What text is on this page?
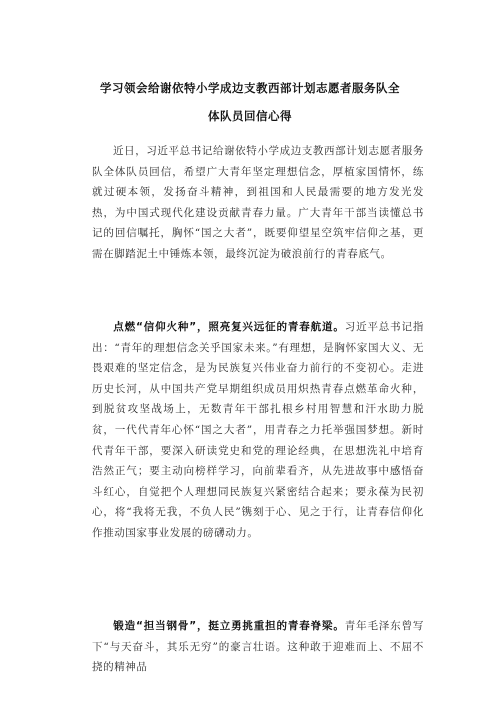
学习领会给谢依特小学成边支教西部计划志愿者服务队全
体队员回信心得
近日，习近平总书记给谢依特小学成边支教西部计划志愿者服务队全体队员回信，希望广大青年坚定理想信念，厚植家国情怀，练就过硬本领，发扬奋斗精神，到祖国和人民最需要的地方发光发热，为中国式现代化建设贡献青春力量。广大青年干部当读懂总书记的回信嘱托，胸怀“国之大者”，既要仰望星空筑牢信仰之基，更需在脚踏泥土中锤炼本领，最终沉淀为破浪前行的青春底气。
点燃“信仰火种”，照亮复兴远征的青春航道。习近平总书记指出：“青年的理想信念关乎国家未来。”有理想，是胸怀家国大义、无畏艰难的坚定信念，是为民族复兴伟业奋力前行的不变初心。走进历史长河，从中国共产党早期组织成员用炽热青春点燃革命火种，到脱贫攻坚战场上，无数青年干部扎根乡村用智慧和汗水助力脱贫，一代代青年心怀“国之大者”，用青春之力托举强国梦想。新时代青年干部，要深入研读党史和党的理论经典，在思想洗礼中培育浩然正气；要主动向榜样学习，向前辈看齐，从先进故事中感悟奋斗红心，自觉把个人理想同民族复兴紧密结合起来；要永葆为民初心，将“我将无我，不负人民”镌刻于心、见之于行，让青春信仰化作推动国家事业发展的磅礴动力。
锻造“担当钢骨”，挺立勇挑重担的青春脊梁。青年毛泽东曾写下“与天奋斗，其乐无穷”的豪言壮语。这种敢于迎难而上、不屈不挠的精神品
